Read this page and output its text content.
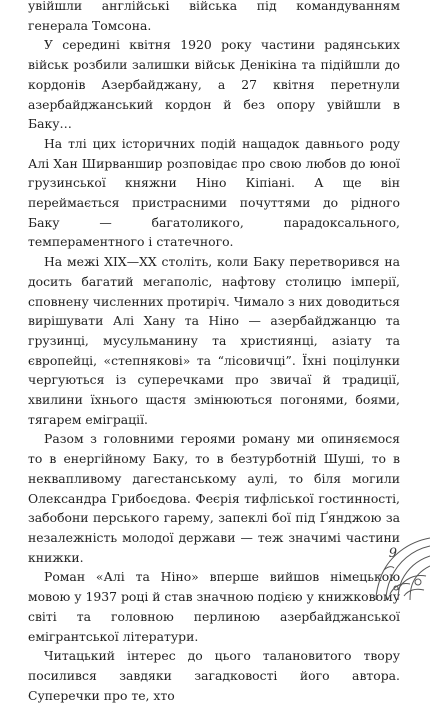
увійшли англійські війська під командуванням генерала Томсона.

У середині квітня 1920 року частини радянських військ розбили залишки військ Денікіна та підійшли до кордонів Азербайджану, а 27 квітня перетнули азербайджанський кордон й без опору увійшли в Баку…

На тлі цих історичних подій нащадок давнього роду Алі Хан Ширваншир розповідає про свою любов до юної грузинської княжни Ніно Кіпіані. А ще він переймається пристрасними почуттями до рідного Баку — багатоликого, парадоксального, темпераментного і статечного.

На межі XIX—XX століть, коли Баку перетворився на досить багатий мегаполіс, нафтову столицю імперії, сповнену численних протиріч. Чимало з них доводиться вирішувати Алі Хану та Ніно — азербайджанцю та грузинці, мусульманину та християнці, азіату та європейці, «степнякові» та “лісовичці”. Їхні поцілунки чергуються із суперечками про звичаї й традиції, хвилини їхнього щастя змінюються погонями, боями, тягарем еміграції.

Разом з головними героями роману ми опиняємося то в енергійному Баку, то в безтурботній Шуші, то в неквапливому дагестанському аулі, то біля могили Олександра Грибоєдова. Феєрія тифліської гостинності, забобони перського гарему, запеклі бої під Ґянджою за незалежність молодої держави — теж значимі частини книжки.

Роман «Алі та Ніно» вперше вийшов німецькою мовою у 1937 році й став значною подією у книжковому світі та головною перлиною азербайджанської емігрантської літератури.

Читацький інтерес до цього талановитого твору посилився завдяки загадковості його автора. Суперечки про те, хто

9
